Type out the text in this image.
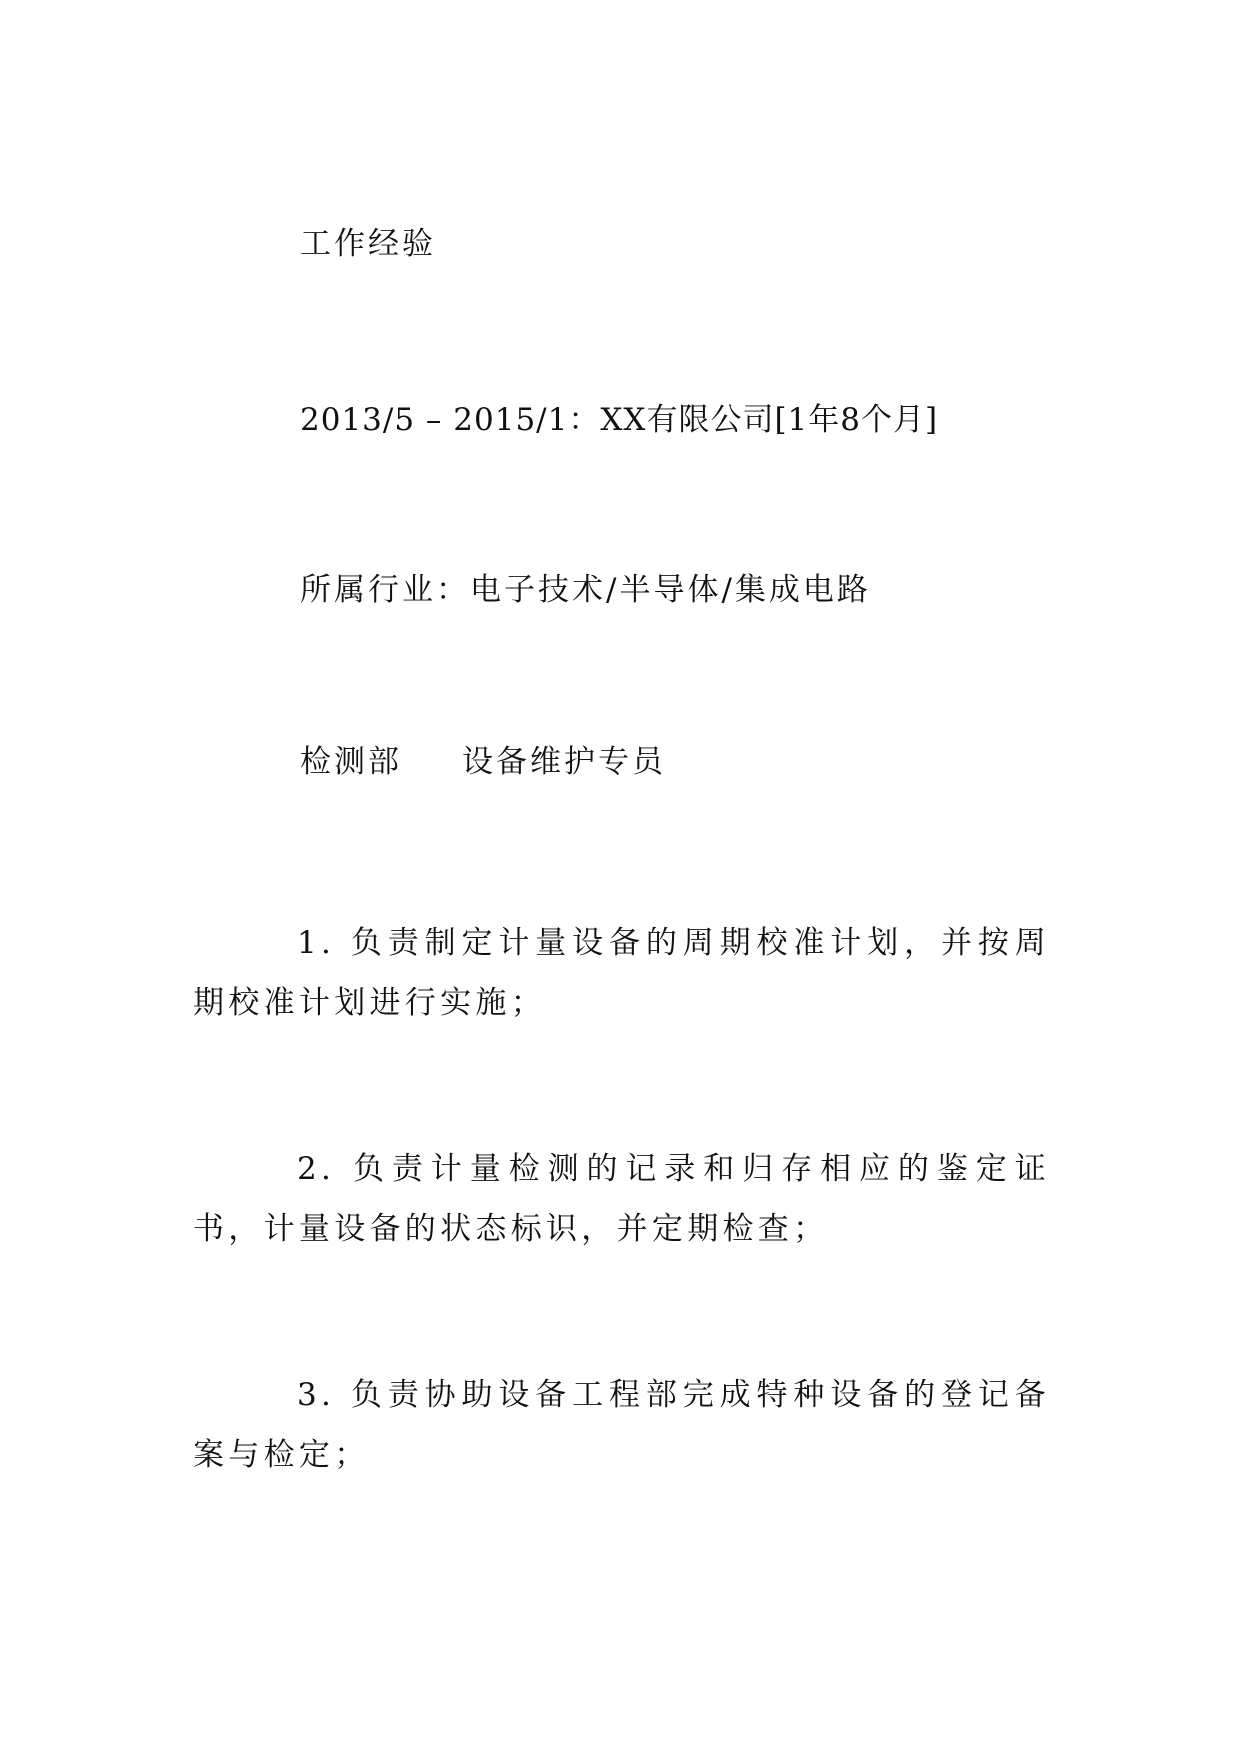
工作经验
2013/5 – 2015/1：XX有限公司[1年8个月]
所属行业：电子技术/半导体/集成电路
检测部 设备维护专员
1. 负责制定计量设备的周期校准计划，并按周期校准计划进行实施；
2. 负责计量检测的记录和归存相应的鉴定证书，计量设备的状态标识，并定期检查；
3. 负责协助设备工程部完成特种设备的登记备案与检定；
